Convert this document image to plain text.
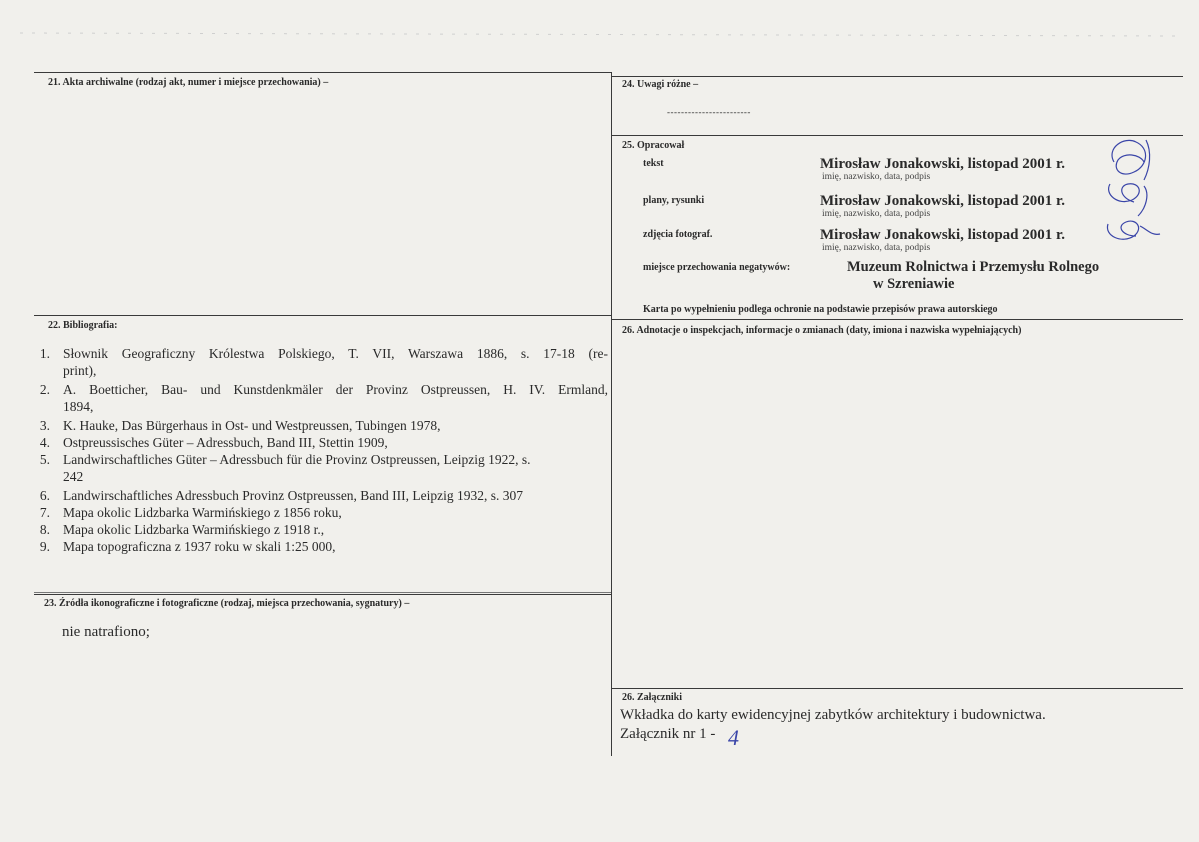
21. Akta archiwalne (rodzaj akt, numer i miejsce przechowania) –	24. Uwagi różne –
------------------------
25. Opracował
tekst	Mirosław Jonakowski, listopad 2001 r.
imię, nazwisko, data, podpis
plany, rysunki	Mirosław Jonakowski, listopad 2001 r.
imię, nazwisko, data, podpis
zdjęcia fotograf.	Mirosław Jonakowski, listopad 2001 r.
imię, nazwisko, data, podpis
miejsce przechowania negatywów:	Muzeum Rolnictwa i Przemysłu Rolnego
w Szreniawie
Karta po wypełnieniu podlega ochronie na podstawie przepisów prawa autorskiego
22. Bibliografia:
1. Słownik Geograficzny Królestwa Polskiego, T. VII, Warszawa 1886, s. 17-18 (re-
print),
2. A. Boetticher, Bau- und Kunstdenkmäler der Provinz Ostpreussen, H. IV. Ermland,
1894,
3. K. Hauke, Das Bürgerhaus in Ost- und Westpreussen, Tubingen 1978,
4. Ostpreussisches Güter – Adressbuch, Band III, Stettin 1909,
5. Landwirschaftliches Güter – Adressbuch für die Provinz Ostpreussen, Leipzig 1922, s.
242
6. Landwirschaftliches Adressbuch Provinz Ostpreussen, Band III, Leipzig 1932, s. 307
7. Mapa okolic Lidzbarka Warmińskiego z 1856 roku,
8. Mapa okolic Lidzbarka Warmińskiego z 1918 r.,
9. Mapa topograficzna z 1937 roku w skali 1:25 000,
23. Źródła ikonograficzne i fotograficzne (rodzaj, miejsca przechowania, sygnatury) –
nie natrafiono;
26. Adnotacje o inspekcjach, informacje o zmianach (daty, imiona i nazwiska wypełniających)
26. Załączniki
Wkładka do karty ewidencyjnej zabytków architektury i budownictwa.
Załącznik nr 1 - 4
